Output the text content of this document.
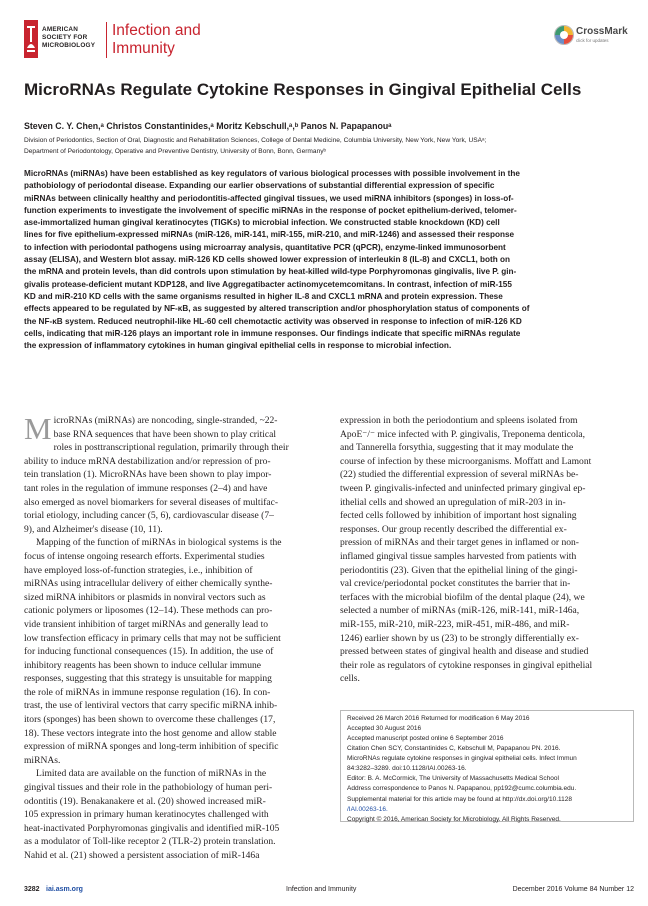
AMERICAN
SOCIETY FOR
MICROBIOLOGY
Infection and
Immunity
CrossMark
click for updates
MicroRNAs Regulate Cytokine Responses in Gingival Epithelial Cells
Steven C. Y. Chen,ᵃ Christos Constantinides,ᵃ Moritz Kebschull,ᵃ,ᵇ Panos N. Papapanouᵃ
Division of Periodontics, Section of Oral, Diagnostic and Rehabilitation Sciences, College of Dental Medicine, Columbia University, New York, New York, USAᵃ;
Department of Periodontology, Operative and Preventive Dentistry, University of Bonn, Bonn, Germanyᵇ
MicroRNAs (miRNAs) have been established as key regulators of various biological processes with possible involvement in the
pathobiology of periodontal disease. Expanding our earlier observations of substantial differential expression of specific
miRNAs between clinically healthy and periodontitis-affected gingival tissues, we used miRNA inhibitors (sponges) in loss-of-
function experiments to investigate the involvement of specific miRNAs in the response of pocket epithelium-derived, telomer-
ase-immortalized human gingival keratinocytes (TIGKs) to microbial infection. We constructed stable knockdown (KD) cell
lines for five epithelium-expressed miRNAs (miR-126, miR-141, miR-155, miR-210, and miR-1246) and assessed their response
to infection with periodontal pathogens using microarray analysis, quantitative PCR (qPCR), enzyme-linked immunosorbent
assay (ELISA), and Western blot assay. miR-126 KD cells showed lower expression of interleukin 8 (IL-8) and CXCL1, both on
the mRNA and protein levels, than did controls upon stimulation by heat-killed wild-type Porphyromonas gingivalis, live P. gin-
givalis protease-deficient mutant KDP128, and live Aggregatibacter actinomycetemcomitans. In contrast, infection of miR-155
KD and miR-210 KD cells with the same organisms resulted in higher IL-8 and CXCL1 mRNA and protein expression. These
effects appeared to be regulated by NF-κB, as suggested by altered transcription and/or phosphorylation status of components of
the NF-κB system. Reduced neutrophil-like HL-60 cell chemotactic activity was observed in response to infection of miR-126 KD
cells, indicating that miR-126 plays an important role in immune responses. Our findings indicate that specific miRNAs regulate
the expression of inflammatory cytokines in human gingival epithelial cells in response to microbial infection.
M icroRNAs (miRNAs) are noncoding, single-stranded, ~22-
base RNA sequences that have been shown to play critical
roles in posttranscriptional regulation, primarily through their
ability to induce mRNA destabilization and/or repression of pro-
tein translation (1). MicroRNAs have been shown to play impor-
tant roles in the regulation of immune responses (2–4) and have
also emerged as novel biomarkers for several diseases of multifac-
torial etiology, including cancer (5, 6), cardiovascular disease (7–
9), and Alzheimer's disease (10, 11).
Mapping of the function of miRNAs in biological systems is the
focus of intense ongoing research efforts. Experimental studies
have employed loss-of-function strategies, i.e., inhibition of
miRNAs using intracellular delivery of either chemically synthe-
sized miRNA inhibitors or plasmids in nonviral vectors such as
cationic polymers or liposomes (12–14). These methods can pro-
vide transient inhibition of target miRNAs and generally lead to
low transfection efficacy in primary cells that may not be sufficient
for inducing functional consequences (15). In addition, the use of
inhibitory reagents has been shown to induce cellular immune
responses, suggesting that this strategy is unsuitable for mapping
the role of miRNAs in immune response regulation (16). In con-
trast, the use of lentiviral vectors that carry specific miRNA inhib-
itors (sponges) has been shown to overcome these challenges (17,
18). These vectors integrate into the host genome and allow stable
expression of miRNA sponges and long-term inhibition of specific
miRNAs.
Limited data are available on the function of miRNAs in the
gingival tissues and their role in the pathobiology of human peri-
odontitis (19). Benakanakere et al. (20) showed increased miR-
105 expression in primary human keratinocytes challenged with
heat-inactivated Porphyromonas gingivalis and identified miR-105
as a modulator of Toll-like receptor 2 (TLR-2) protein translation.
Nahid et al. (21) showed a persistent association of miR-146a
expression in both the periodontium and spleens isolated from
ApoE⁻/⁻ mice infected with P. gingivalis, Treponema denticola,
and Tannerella forsythia, suggesting that it may modulate the
course of infection by these microorganisms. Moffatt and Lamont
(22) studied the differential expression of several miRNAs be-
tween P. gingivalis-infected and uninfected primary gingival ep-
ithelial cells and showed an upregulation of miR-203 in in-
fected cells followed by inhibition of important host signaling
responses. Our group recently described the differential ex-
pression of miRNAs and their target genes in inflamed or non-
inflamed gingival tissue samples harvested from patients with
periodontitis (23). Given that the epithelial lining of the gingi-
val crevice/periodontal pocket constitutes the barrier that in-
terfaces with the microbial biofilm of the dental plaque (24), we
selected a number of miRNAs (miR-126, miR-141, miR-146a,
miR-155, miR-210, miR-223, miR-451, miR-486, and miR-
1246) earlier shown by us (23) to be strongly differentially ex-
pressed between states of gingival health and disease and studied
their role as regulators of cytokine responses in gingival epithelial
cells.
Received 26 March 2016 Returned for modification 6 May 2016
Accepted 30 August 2016
Accepted manuscript posted online 6 September 2016
Citation Chen SCY, Constantinides C, Kebschull M, Papapanou PN. 2016.
MicroRNAs regulate cytokine responses in gingival epithelial cells. Infect Immun
84:3282–3289. doi:10.1128/IAI.00263-16.
Editor: B. A. McCormick, The University of Massachusetts Medical School
Address correspondence to Panos N. Papapanou, pp192@cumc.columbia.edu.
Supplemental material for this article may be found at http://dx.doi.org/10.1128
/IAI.00263-16.
Copyright © 2016, American Society for Microbiology. All Rights Reserved.
3282 iai.asm.org	Infection and Immunity	December 2016 Volume 84 Number 12
